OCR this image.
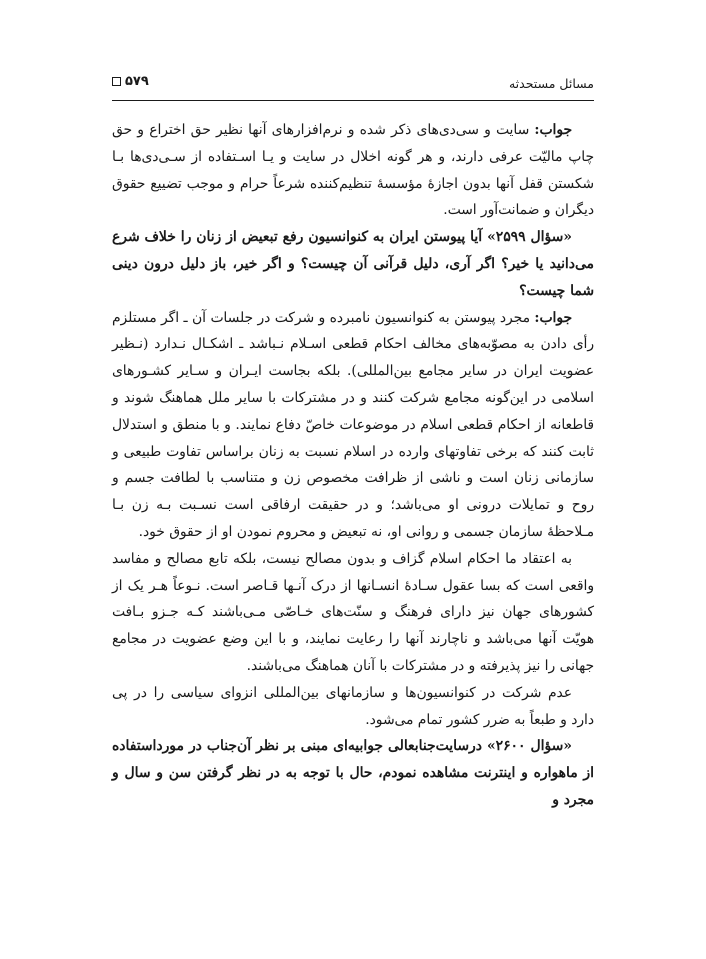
مسائل مستحدثه
۵۷۹

جواب: سایت و سی‌دی‌های ذکر شده و نرم‌افزارهای آنها نظیر حق اختراع و حق چاپ مالیّت عرفی دارند، و هر گونه اخلال در سایت و یـا اسـتفاده از سـی‌دی‌ها بـا شکستن قفل آنها بدون اجازهٔ مؤسسهٔ تنظیم‌کننده شرعاً حرام و موجب تضییع حقوق دیگران و ضمانت‌آور است.

«سؤال ۲۵۹۹» آیا پیوستن ایران به کنوانسیون رفع تبعیض از زنان را خلاف شرع می‌دانید یا خیر؟ اگر آری، دلیل قرآنی آن چیست؟ و اگر خیر، باز دلیل درون دینی شما چیست؟

جواب: مجرد پیوستن به کنوانسیون نامبرده و شرکت در جلسات آن ـ اگر مستلزم رأی دادن به مصوّبه‌های مخالف احکام قطعی اسـلام نـباشد ـ اشکـال نـدارد (نـظیر عضویت ایران در سایر مجامع بین‌المللی). بلکه بجاست ایـران و سـایر کشـورهای اسلامی در این‌گونه مجامع شرکت کنند و در مشترکات با سایر ملل هماهنگ شوند و قاطعانه از احکام قطعی اسلام در موضوعات خاصّ دفاع نمایند. و با منطق و استدلال ثابت کنند که برخی تفاوتهای وارده در اسلام نسبت به زنان براساس تفاوت طبیعی و سازمانی زنان است و ناشی از ظرافت مخصوص زن و متناسب با لطافت جسم و روح و تمایلات درونی او می‌باشد؛ و در حقیقت ارفاقی است نسـبت بـه زن بـا مـلاحظهٔ سازمان جسمی و روانی او، نه تبعیض و محروم نمودن او از حقوق خود.

به اعتقاد ما احکام اسلام گزاف و بدون مصالح نیست، بلکه تابع مصالح و مفاسد واقعی است که بسا عقول سـادهٔ انسـانها از درک آنـها قـاصر است. نـوعاً هـر یک از کشورهای جهان نیز دارای فرهنگ و سنّت‌های خـاصّی مـی‌باشند کـه جـزو بـافت هویّت آنها می‌باشد و ناچارند آنها را رعایت نمایند، و با این وضع عضویت در مجامع جهانی را نیز پذیرفته و در مشترکات با آنان هماهنگ می‌باشند.

عدم شرکت در کنوانسیون‌ها و سازمانهای بین‌المللی انزوای سیاسی را در پی دارد و طبعاً به ضرر کشور تمام می‌شود.

«سؤال ۲۶۰۰» درسایت‌جنابعالی جوابیه‌ای مبنی بر نظر آن‌جناب در مورداستفاده از ماهواره و اینترنت مشاهده نمودم، حال با توجه به در نظر گرفتن سن و سال و مجرد و
